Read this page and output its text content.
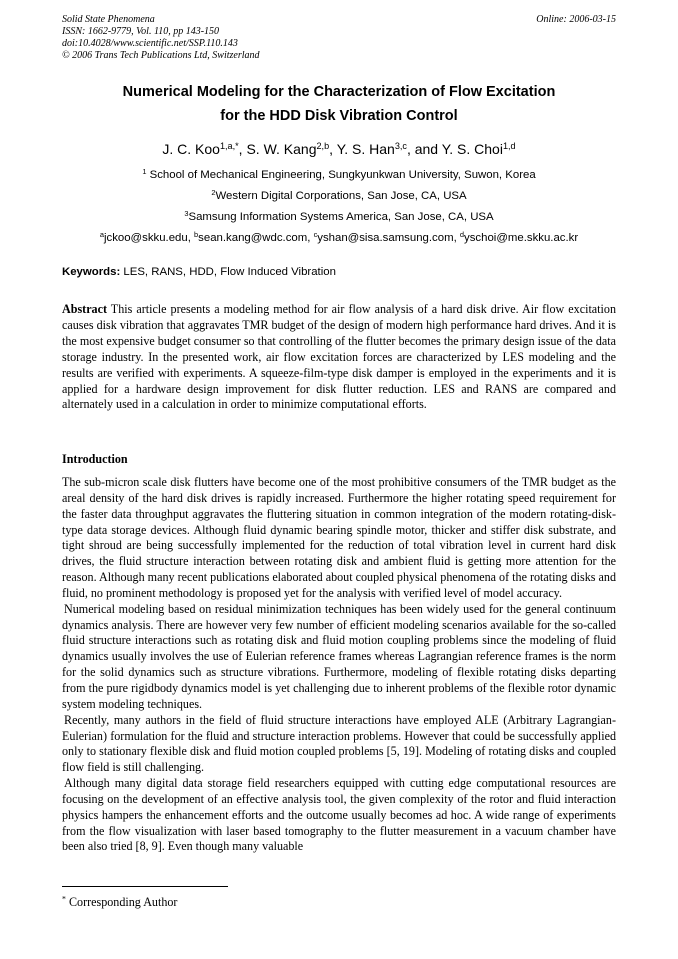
Solid State Phenomena
ISSN: 1662-9779, Vol. 110, pp 143-150
doi:10.4028/www.scientific.net/SSP.110.143
© 2006 Trans Tech Publications Ltd, Switzerland
Online: 2006-03-15
Numerical Modeling for the Characterization of Flow Excitation
for the HDD Disk Vibration Control
J. C. Koo$^{1,a,*}$, S. W. Kang$^{2,b}$, Y. S. Han$^{3,c}$, and Y. S. Choi$^{1,d}$
$^1$ School of Mechanical Engineering, Sungkyunkwan University, Suwon, Korea
$^2$Western Digital Corporations, San Jose, CA, USA
$^3$Samsung Information Systems America, San Jose, CA, USA
$^a$jckoo@skku.edu, $^b$sean.kang@wdc.com, $^c$yshan@sisa.samsung.com, $^d$yschoi@me.skku.ac.kr
Keywords: LES, RANS, HDD, Flow Induced Vibration
Abstract This article presents a modeling method for air flow analysis of a hard disk drive. Air flow excitation causes disk vibration that aggravates TMR budget of the design of modern high performance hard drives. And it is the most expensive budget consumer so that controlling of the flutter becomes the primary design issue of the data storage industry. In the presented work, air flow excitation forces are characterized by LES modeling and the results are verified with experiments. A squeeze-film-type disk damper is employed in the experiments and it is applied for a hardware design improvement for disk flutter reduction. LES and RANS are compared and alternately used in a calculation in order to minimize computational efforts.
Introduction

The sub-micron scale disk flutters have become one of the most prohibitive consumers of the TMR budget as the areal density of the hard disk drives is rapidly increased. Furthermore the higher rotating speed requirement for the faster data throughput aggravates the fluttering situation in common integration of the modern rotating-disk-type data storage devices. Although fluid dynamic bearing spindle motor, thicker and stiffer disk substrate, and tight shroud are being successfully implemented for the reduction of total vibration level in current hard disk drives, the fluid structure interaction between rotating disk and ambient fluid is getting more attention for the reason. Although many recent publications elaborated about coupled physical phenomena of the rotating disks and fluid, no prominent methodology is proposed yet for the analysis with verified level of model accuracy.

Numerical modeling based on residual minimization techniques has been widely used for the general continuum dynamics analysis. There are however very few number of efficient modeling scenarios available for the so-called fluid structure interactions such as rotating disk and fluid motion coupling problems since the modeling of fluid dynamics usually involves the use of Eulerian reference frames whereas Lagrangian reference frames is the norm for the solid dynamics such as structure vibrations. Furthermore, modeling of flexible rotating disks departing from the pure rigidbody dynamics model is yet challenging due to inherent problems of the flexible rotor dynamic system modeling techniques.

Recently, many authors in the field of fluid structure interactions have employed ALE (Arbitrary Lagrangian-Eulerian) formulation for the fluid and structure interaction problems. However that could be successfully applied only to stationary flexible disk and fluid motion coupled problems [5, 19]. Modeling of rotating disks and coupled flow field is still challenging.

Although many digital data storage field researchers equipped with cutting edge computational resources are focusing on the development of an effective analysis tool, the given complexity of the rotor and fluid interaction physics hampers the enhancement efforts and the outcome usually becomes ad hoc. A wide range of experiments from the flow visualization with laser based tomography to the flutter measurement in a vacuum chamber have been also tried [8, 9]. Even though many valuable

* Corresponding Author
